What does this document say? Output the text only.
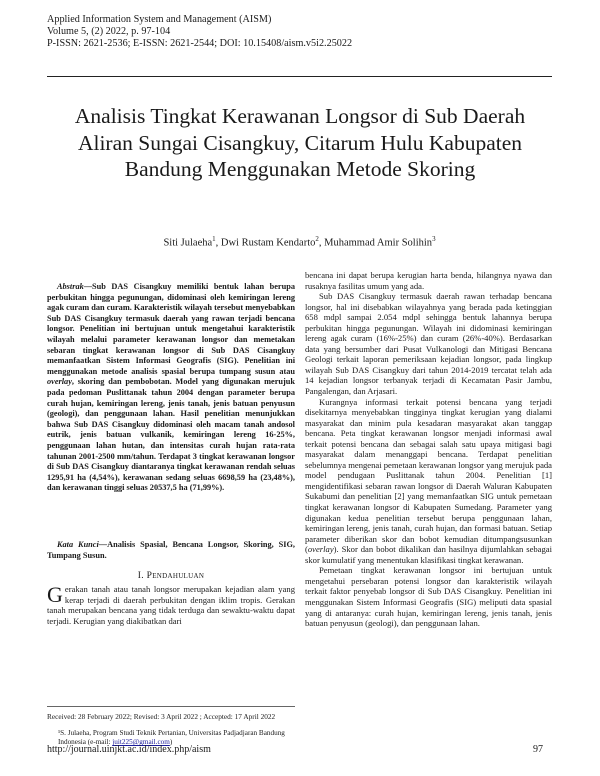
Applied Information System and Management (AISM)
Volume 5, (2) 2022, p. 97-104
P-ISSN: 2621-2536; E-ISSN: 2621-2544; DOI: 10.15408/aism.v5i2.25022
Analisis Tingkat Kerawanan Longsor di Sub Daerah Aliran Sungai Cisangkuy, Citarum Hulu Kabupaten Bandung Menggunakan Metode Skoring
Siti Julaeha$^1$, Dwi Rustam Kendarto$^2$, Muhammad Amir Solihin$^3$
Abstrak—Sub DAS Cisangkuy memiliki bentuk lahan berupa perbukitan hingga pegunungan, didominasi oleh kemiringan lereng agak curam dan curam. Karakteristik wilayah tersebut menyebabkan Sub DAS Cisangkuy termasuk daerah yang rawan terjadi bencana longsor. Penelitian ini bertujuan untuk mengetahui karakteristik wilayah melalui parameter kerawanan longsor dan memetakan sebaran tingkat kerawanan longsor di Sub DAS Cisangkuy memanfaatkan Sistem Informasi Geografis (SIG). Penelitian ini menggunakan metode analisis spasial berupa tumpang susun atau overlay, skoring dan pembobotan. Model yang digunakan merujuk pada pedoman Puslittanak tahun 2004 dengan parameter berupa curah hujan, kemiringan lereng, jenis tanah, jenis batuan penyusun (geologi), dan penggunaan lahan. Hasil penelitian menunjukkan bahwa Sub DAS Cisangkuy didominasi oleh macam tanah andosol eutrik, jenis batuan vulkanik, kemiringan lereng 16-25%, penggunaan lahan hutan, dan intensitas curah hujan rata-rata tahunan 2001-2500 mm/tahun. Terdapat 3 tingkat kerawanan longsor di Sub DAS Cisangkuy diantaranya tingkat kerawanan rendah seluas 1295,91 ha (4,54%), kerawanan sedang seluas 6698,59 ha (23,48%), dan kerawanan tinggi seluas 20537,5 ha (71,99%).
Kata Kunci—Analisis Spasial, Bencana Longsor, Skoring, SIG, Tumpang Susun.
I. Pendahuluan
Gerakan tanah atau tanah longsor merupakan kejadian alam yang kerap terjadi di daerah perbukitan dengan iklim tropis. Gerakan tanah merupakan bencana yang tidak terduga dan sewaktu-waktu dapat terjadi. Kerugian yang diakibatkan dari
Received: 28 February 2022; Revised: 3 April 2022 ; Accepted: 17 April 2022
¹S. Julaeha, Program Studi Teknik Pertanian, Universitas Padjadjaran Bandung Indonesia (e-mail: juit225@gmail.com)

bencana ini dapat berupa kerugian harta benda, hilangnya nyawa dan rusaknya fasilitas umum yang ada.

Sub DAS Cisangkuy termasuk daerah rawan terhadap bencana longsor, hal ini disebabkan wilayahnya yang berada pada ketinggian 658 mdpl sampai 2.054 mdpl sehingga bentuk lahannya berupa perbukitan hingga pegunungan. Wilayah ini didominasi kemiringan lereng agak curam (16%-25%) dan curam (26%-40%). Berdasarkan data yang bersumber dari Pusat Vulkanologi dan Mitigasi Bencana Geologi terkait laporan pemeriksaan kejadian longsor, pada lingkup wilayah Sub DAS Cisangkuy dari tahun 2014-2019 tercatat telah ada 14 kejadian longsor terbanyak terjadi di Kecamatan Pasir Jambu, Pangalengan, dan Arjasari.

Kurangnya informasi terkait potensi bencana yang terjadi disekitarnya menyebabkan tingginya tingkat kerugian yang dialami masyarakat dan minim pula kesadaran masyarakat akan tanggap bencana. Peta tingkat kerawanan longsor menjadi informasi awal terkait potensi bencana dan sebagai salah satu upaya mitigasi bagi masyarakat dalam menanggapi bencana. Terdapat penelitian sebelumnya mengenai pemetaan kerawanan longsor yang merujuk pada model pendugaan Puslittanak tahun 2004. Penelitian [1] mengidentifikasi sebaran rawan longsor di Daerah Waluran Kabupaten Sukabumi dan penelitian [2] yang memanfaatkan SIG untuk pemetaan tingkat kerawanan longsor di Kabupaten Sumedang. Parameter yang digunakan kedua penelitian tersebut berupa penggunaan lahan, kemiringan lereng, jenis tanah, curah hujan, dan formasi batuan. Setiap parameter diberikan skor dan bobot kemudian ditumpangsusunkan (overlay). Skor dan bobot dikalikan dan hasilnya dijumlahkan sebagai skor kumulatif yang menentukan klasifikasi tingkat kerawanan.

Pemetaan tingkat kerawanan longsor ini bertujuan untuk mengetahui persebaran potensi longsor dan karakteristik wilayah terkait faktor penyebab longsor di Sub DAS Cisangkuy. Penelitian ini menggunakan Sistem Informasi Geografis (SIG) meliputi data spasial yang di antaranya: curah hujan, kemiringan lereng, jenis tanah, jenis batuan penyusun (geologi), dan penggunaan lahan.

http://journal.uinjkt.ac.id/index.php/aism	97
